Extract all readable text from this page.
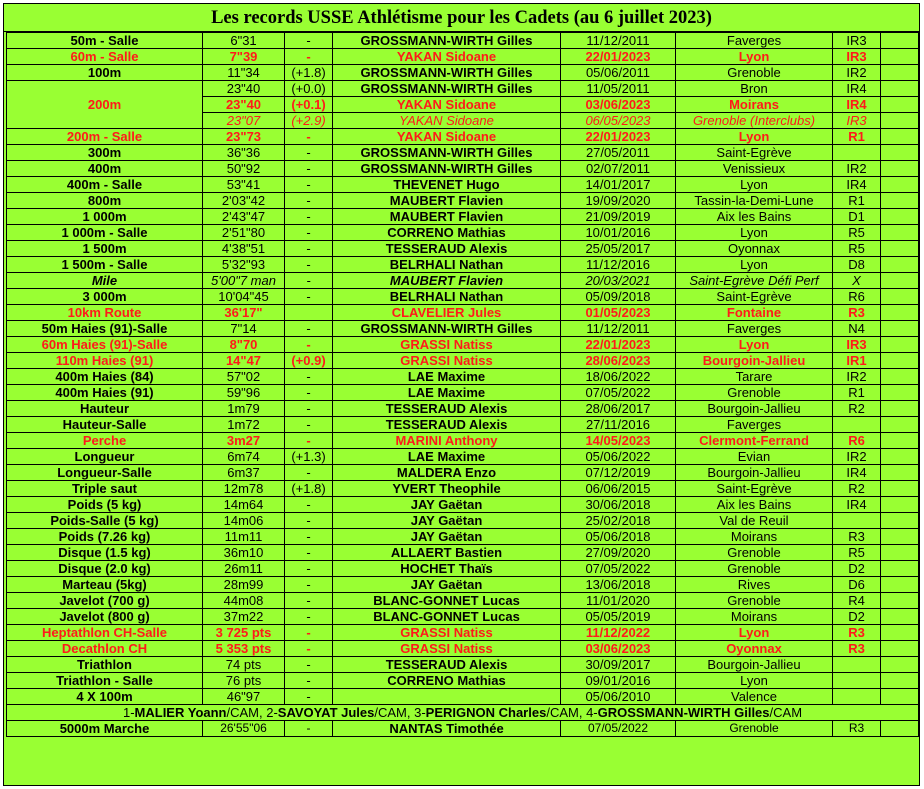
Les records USSE Athlétisme pour les Cadets (au 6 juillet 2023)
50m - Salle	6"31	-	GROSSMANN-WIRTH Gilles	11/12/2011	Faverges	IR3	
60m - Salle	7"39	-	YAKAN Sidoane	22/01/2023	Lyon	IR3	
100m	11"34	(+1.8)	GROSSMANN-WIRTH Gilles	05/06/2011	Grenoble	IR2	
200m	23"40	(+0.0)	GROSSMANN-WIRTH Gilles	11/05/2011	Bron	IR4	
	23"40	(+0.1)	YAKAN Sidoane	03/06/2023	Moirans	IR4	
	23"07	(+2.9)	YAKAN Sidoane	06/05/2023	Grenoble (Interclubs)	IR3	
200m - Salle	23"73	-	YAKAN Sidoane	22/01/2023	Lyon	R1	
300m	36"36	-	GROSSMANN-WIRTH Gilles	27/05/2011	Saint-Egrève		
400m	50"92	-	GROSSMANN-WIRTH Gilles	02/07/2011	Venissieux	IR2	
400m - Salle	53"41	-	THEVENET Hugo	14/01/2017	Lyon	IR4	
800m	2'03"42	-	MAUBERT Flavien	19/09/2020	Tassin-la-Demi-Lune	R1	
1 000m	2'43"47	-	MAUBERT Flavien	21/09/2019	Aix les Bains	D1	
1 000m - Salle	2'51"80	-	CORRENO Mathias	10/01/2016	Lyon	R5	
1 500m	4'38"51	-	TESSERAUD Alexis	25/05/2017	Oyonnax	R5	
1 500m - Salle	5'32"93	-	BELRHALI Nathan	11/12/2016	Lyon	D8	
Mile	5'00"7 man	-	MAUBERT Flavien	20/03/2021	Saint-Egrève Défi Perf	X	
3 000m	10'04"45	-	BELRHALI Nathan	05/09/2018	Saint-Egrève	R6	
10km Route	36'17"		CLAVELIER Jules	01/05/2023	Fontaine	R3	
50m Haies (91)-Salle	7"14	-	GROSSMANN-WIRTH Gilles	11/12/2011	Faverges	N4	
60m Haies (91)-Salle	8"70	-	GRASSI Natiss	22/01/2023	Lyon	IR3	
110m Haies (91)	14"47	(+0.9)	GRASSI Natiss	28/06/2023	Bourgoin-Jallieu	IR1	
400m Haies (84)	57"02	-	LAE Maxime	18/06/2022	Tarare	IR2	
400m Haies (91)	59"96	-	LAE Maxime	07/05/2022	Grenoble	R1	
Hauteur	1m79	-	TESSERAUD Alexis	28/06/2017	Bourgoin-Jallieu	R2	
Hauteur-Salle	1m72	-	TESSERAUD Alexis	27/11/2016	Faverges		
Perche	3m27	-	MARINI Anthony	14/05/2023	Clermont-Ferrand	R6	
Longueur	6m74	(+1.3)	LAE Maxime	05/06/2022	Evian	IR2	
Longueur-Salle	6m37	-	MALDERA Enzo	07/12/2019	Bourgoin-Jallieu	IR4	
Triple saut	12m78	(+1.8)	YVERT Theophile	06/06/2015	Saint-Egrève	R2	
Poids (5 kg)	14m64	-	JAY Gaëtan	30/06/2018	Aix les Bains	IR4	
Poids-Salle (5 kg)	14m06	-	JAY Gaëtan	25/02/2018	Val de Reuil		
Poids (7.26 kg)	11m11	-	JAY Gaëtan	05/06/2018	Moirans	R3	
Disque (1.5 kg)	36m10	-	ALLAERT Bastien	27/09/2020	Grenoble	R5	
Disque (2.0 kg)	26m11	-	HOCHET Thaïs	07/05/2022	Grenoble	D2	
Marteau (5kg)	28m99	-	JAY Gaëtan	13/06/2018	Rives	D6	
Javelot (700 g)	44m08	-	BLANC-GONNET Lucas	11/01/2020	Grenoble	R4	
Javelot (800 g)	37m22	-	BLANC-GONNET Lucas	05/05/2019	Moirans	D2	
Heptathlon CH-Salle	3 725 pts	-	GRASSI Natiss	11/12/2022	Lyon	R3	
Decathlon CH	5 353 pts	-	GRASSI Natiss	03/06/2023	Oyonnax	R3	
Triathlon	74 pts	-	TESSERAUD Alexis	30/09/2017	Bourgoin-Jallieu		
Triathlon - Salle	76 pts	-	CORRENO Mathias	09/01/2016	Lyon		
4 X 100m	46"97	-		05/06/2010	Valence		
1-MALIER Yoann/CAM, 2-SAVOYAT Jules/CAM, 3-PERIGNON Charles/CAM, 4-GROSSMANN-WIRTH Gilles/CAM							
5000m Marche	26'55"06	-	NANTAS Timothée	07/05/2022	Grenoble	R3	
